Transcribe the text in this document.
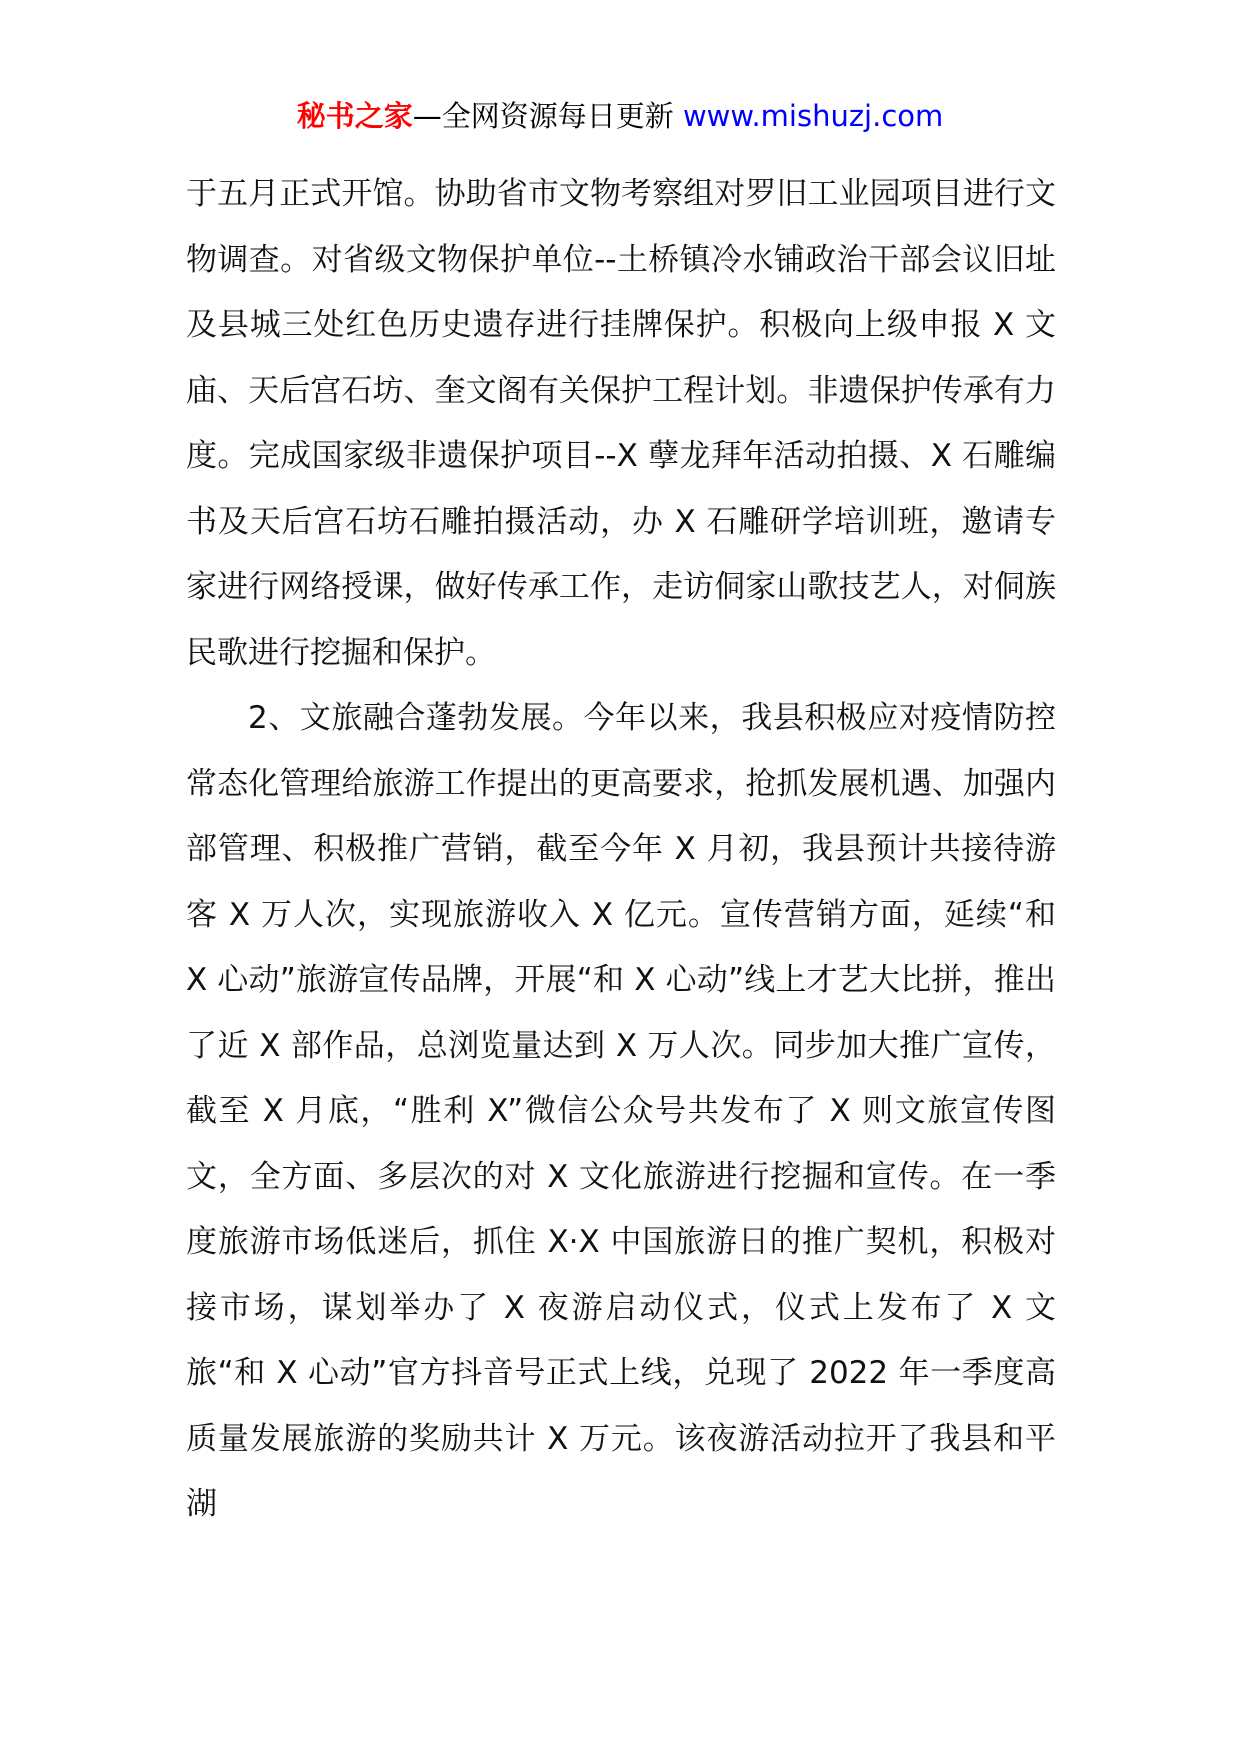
秘书之家—全网资源每日更新 www.mishuzj.com

于五月正式开馆。协助省市文物考察组对罗旧工业园项目进行文物调查。对省级文物保护单位--土桥镇冷水铺政治干部会议旧址及县城三处红色历史遗存进行挂牌保护。积极向上级申报 X 文庙、天后宫石坊、奎文阁有关保护工程计划。非遗保护传承有力度。完成国家级非遗保护项目--X 孽龙拜年活动拍摄、X 石雕编书及天后宫石坊石雕拍摄活动，办 X 石雕研学培训班，邀请专家进行网络授课，做好传承工作，走访侗家山歌技艺人，对侗族民歌进行挖掘和保护。

2、文旅融合蓬勃发展。今年以来，我县积极应对疫情防控常态化管理给旅游工作提出的更高要求，抢抓发展机遇、加强内部管理、积极推广营销，截至今年 X 月初，我县预计共接待游客 X 万人次，实现旅游收入 X 亿元。宣传营销方面，延续“和 X 心动”旅游宣传品牌，开展“和 X 心动”线上才艺大比拼，推出了近 X 部作品，总浏览量达到 X 万人次。同步加大推广宣传，截至 X 月底，“胜利 X”微信公众号共发布了 X 则文旅宣传图文，全方面、多层次的对 X 文化旅游进行挖掘和宣传。在一季度旅游市场低迷后，抓住 X·X 中国旅游日的推广契机，积极对接市场，谋划举办了 X 夜游启动仪式，仪式上发布了 X 文旅“和 X 心动”官方抖音号正式上线，兑现了 2022 年一季度高质量发展旅游的奖励共计 X 万元。该夜游活动拉开了我县和平湖
